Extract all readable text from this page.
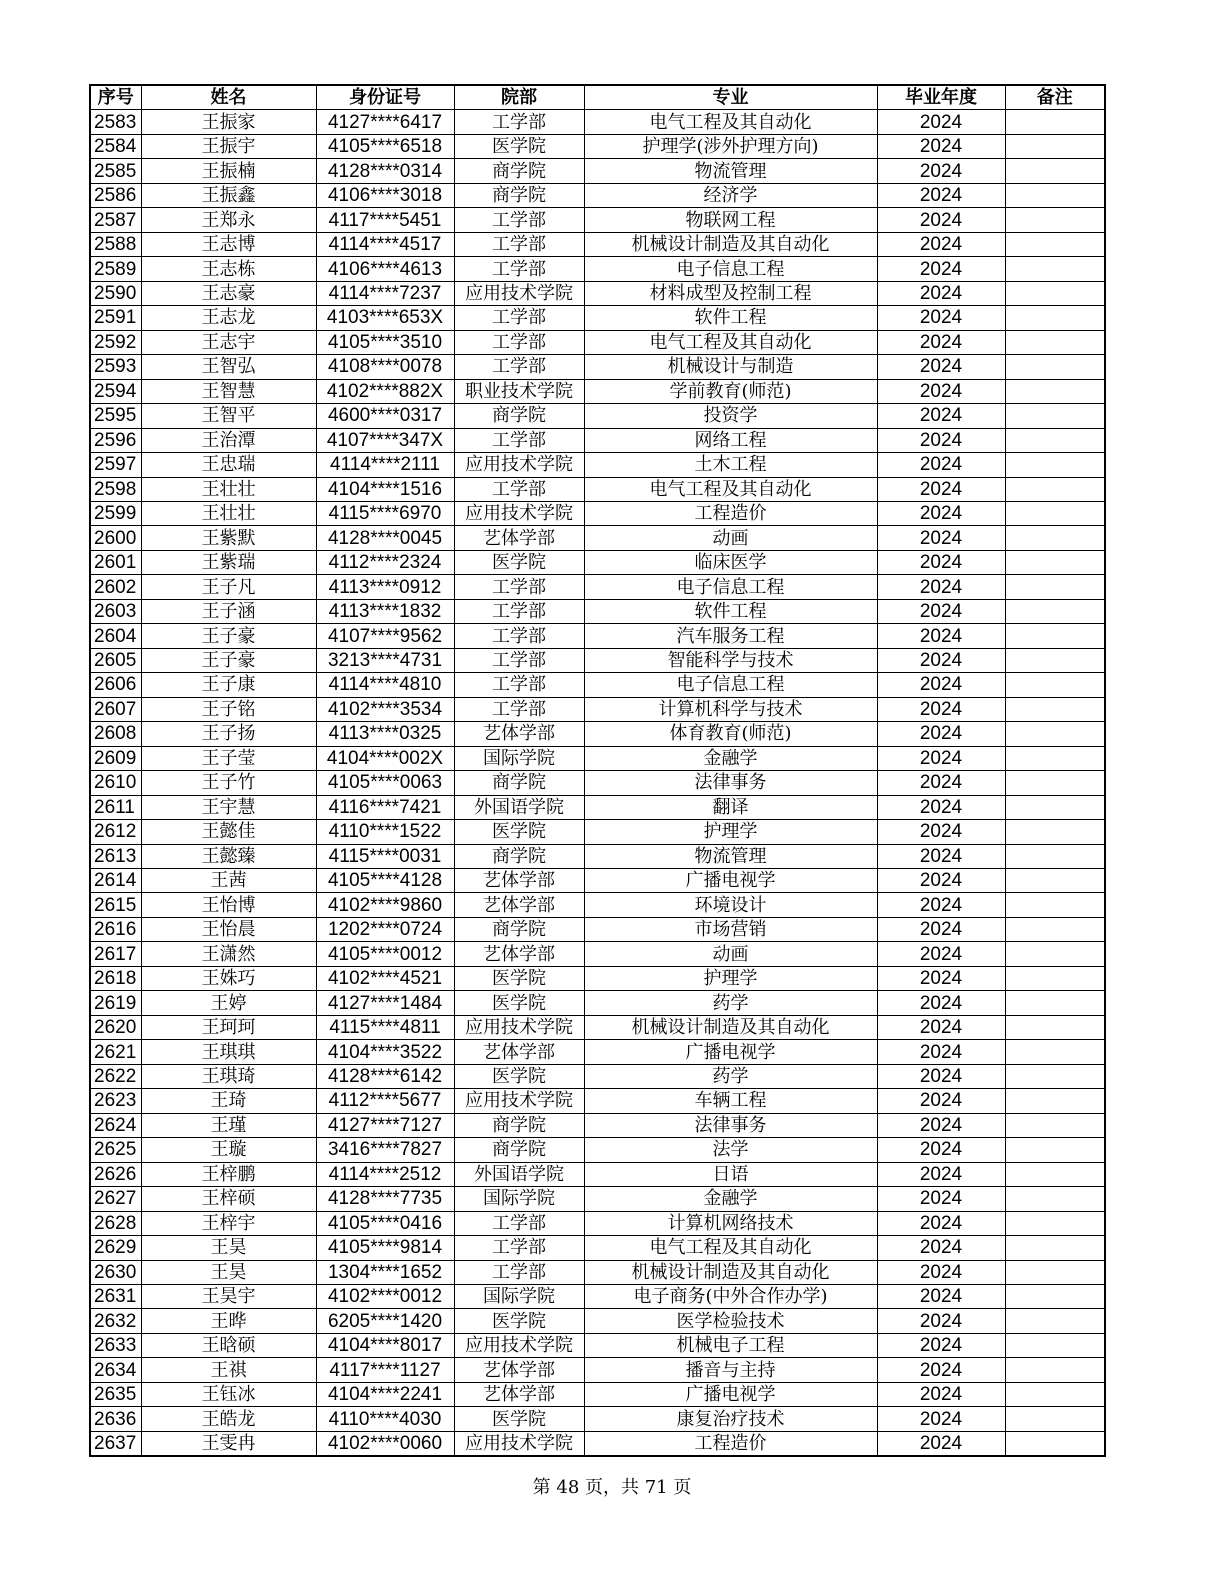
序号	姓名	身份证号	院部	专业	毕业年度	备注
2583	王振家	4127****6417	工学部	电气工程及其自动化	2024	
2584	王振宇	4105****6518	医学院	护理学(涉外护理方向)	2024	
2585	王振楠	4128****0314	商学院	物流管理	2024	
2586	王振鑫	4106****3018	商学院	经济学	2024	
2587	王郑永	4117****5451	工学部	物联网工程	2024	
2588	王志博	4114****4517	工学部	机械设计制造及其自动化	2024	
2589	王志栋	4106****4613	工学部	电子信息工程	2024	
2590	王志豪	4114****7237	应用技术学院	材料成型及控制工程	2024	
2591	王志龙	4103****653X	工学部	软件工程	2024	
2592	王志宇	4105****3510	工学部	电气工程及其自动化	2024	
2593	王智弘	4108****0078	工学部	机械设计与制造	2024	
2594	王智慧	4102****882X	职业技术学院	学前教育(师范)	2024	
2595	王智平	4600****0317	商学院	投资学	2024	
2596	王治潭	4107****347X	工学部	网络工程	2024	
2597	王忠瑞	4114****2111	应用技术学院	土木工程	2024	
2598	王壮壮	4104****1516	工学部	电气工程及其自动化	2024	
2599	王壮壮	4115****6970	应用技术学院	工程造价	2024	
2600	王紫默	4128****0045	艺体学部	动画	2024	
2601	王紫瑞	4112****2324	医学院	临床医学	2024	
2602	王子凡	4113****0912	工学部	电子信息工程	2024	
2603	王子涵	4113****1832	工学部	软件工程	2024	
2604	王子豪	4107****9562	工学部	汽车服务工程	2024	
2605	王子豪	3213****4731	工学部	智能科学与技术	2024	
2606	王子康	4114****4810	工学部	电子信息工程	2024	
2607	王子铭	4102****3534	工学部	计算机科学与技术	2024	
2608	王子扬	4113****0325	艺体学部	体育教育(师范)	2024	
2609	王子莹	4104****002X	国际学院	金融学	2024	
2610	王子竹	4105****0063	商学院	法律事务	2024	
2611	王宇慧	4116****7421	外国语学院	翻译	2024	
2612	王懿佳	4110****1522	医学院	护理学	2024	
2613	王懿臻	4115****0031	商学院	物流管理	2024	
2614	王茜	4105****4128	艺体学部	广播电视学	2024	
2615	王怡博	4102****9860	艺体学部	环境设计	2024	
2616	王怡晨	1202****0724	商学院	市场营销	2024	
2617	王潇然	4105****0012	艺体学部	动画	2024	
2618	王姝巧	4102****4521	医学院	护理学	2024	
2619	王婷	4127****1484	医学院	药学	2024	
2620	王珂珂	4115****4811	应用技术学院	机械设计制造及其自动化	2024	
2621	王琪琪	4104****3522	艺体学部	广播电视学	2024	
2622	王琪琦	4128****6142	医学院	药学	2024	
2623	王琦	4112****5677	应用技术学院	车辆工程	2024	
2624	王瑾	4127****7127	商学院	法律事务	2024	
2625	王璇	3416****7827	商学院	法学	2024	
2626	王梓鹏	4114****2512	外国语学院	日语	2024	
2627	王梓硕	4128****7735	国际学院	金融学	2024	
2628	王梓宇	4105****0416	工学部	计算机网络技术	2024	
2629	王昊	4105****9814	工学部	电气工程及其自动化	2024	
2630	王昊	1304****1652	工学部	机械设计制造及其自动化	2024	
2631	王昊宇	4102****0012	国际学院	电子商务(中外合作办学)	2024	
2632	王晔	6205****1420	医学院	医学检验技术	2024	
2633	王晗硕	4104****8017	应用技术学院	机械电子工程	2024	
2634	王祺	4117****1127	艺体学部	播音与主持	2024	
2635	王钰冰	4104****2241	艺体学部	广播电视学	2024	
2636	王皓龙	4110****4030	医学院	康复治疗技术	2024	
2637	王雯冉	4102****0060	应用技术学院	工程造价	2024	
第 48 页，共 71 页
